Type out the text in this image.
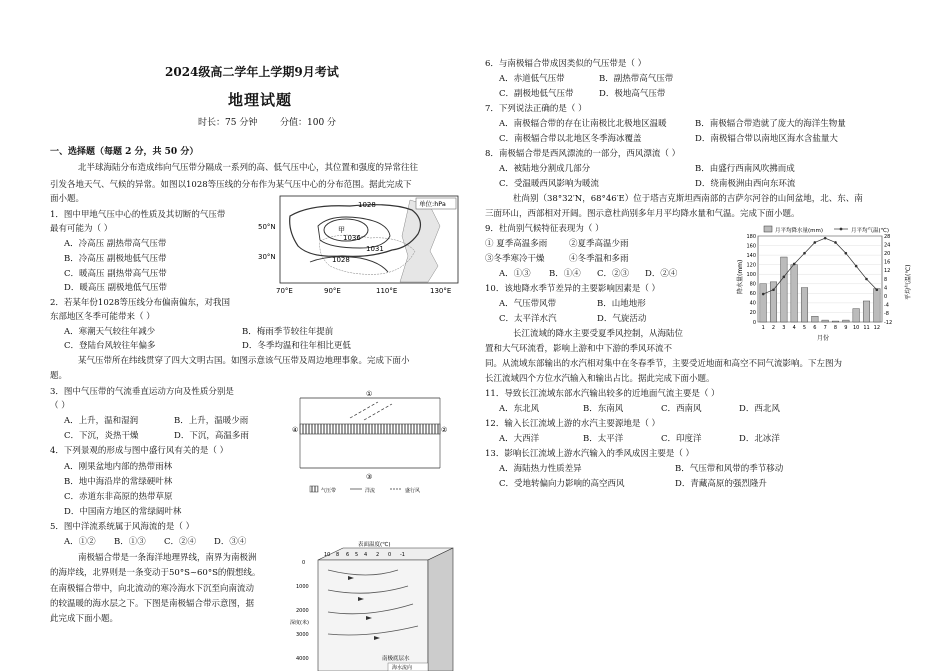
2024级高二学年上学期9月考试
地理试题
时长：75 分钟	分值：100 分
一、选择题（每题 2 分，共 50 分）
北半球海陆分布造成纬向气压带分隔成一系列的高、低气压中心，其位置和强度的异常往往
引发各地天气、气候的异常。如图以1028等压线的分布作为某气压中心的分布范围。据此完成下
面小题。
1．图中甲地气压中心的性质及其切断的气压带
最有可能为（ ）
A．冷高压 副热带高气压带
B．冷高压 副极地低气压带
C．暖高压 副热带高气压带
D．暖高压 副极地低气压带
2．若某年份1028等压线分布偏南偏东，对我国
东部地区冬季可能带来（ ）
A．寒潮天气较往年减少	B．梅雨季节较往年提前
C．登陆台风较往年偏多	D．冬季均温和往年相比更低
某气压带所在纬线贯穿了四大文明古国。如图示意该气压带及周边地理事象。完成下面小
题。
3．图中气压带的气流垂直运动方向及性质分别是
（ ）
A．上升，温和湿润	B．上升，温暖少雨
C．下沉，炎热干燥	D．下沉，高温多雨
4．下列景观的形成与图中盛行风有关的是（ ）
A．刚果盆地内部的热带雨林
B．地中海沿岸的常绿硬叶林
C．赤道东非高原的热带草原
D．中国南方地区的常绿阔叶林
5．图中洋流系统属于风海流的是（ ）
A．①② B．①③ C．②④ D．③④
南极辐合带是一条海洋地理界线，南界为南极洲
的海岸线，北界则是一条变动于50°S~60°S的假想线。
在南极辐合带中，向北流动的寒冷海水下沉至向南流动
的较温暖的海水层之下。下图是南极辐合带示意图，据
此完成下面小题。
1028
甲
1036
1031
1028
单位:hPa
50°N
30°N
70°E	90°E	110°E	130°E
①
④	②
③
气压带	洋流	盛行风
表面温度(℃)
10 8 6 5 4 2 0 -1
0
1000
2000
3000
4000
深度(米)
南极底层水
海水流向
6．与南极辐合带成因类似的气压带是（ ）
A．赤道低气压带	B．副热带高气压带
C．副极地低气压带	D．极地高气压带
7．下列说法正确的是（ ）
A．南极辐合带的存在让南极比北极地区温暖	B．南极辐合带造就了庞大的海洋生物量
C．南极辐合带以北地区冬季海冰覆盖	D．南极辐合带以南地区海水含盐量大
8．南极辐合带是西风漂流的一部分，西风漂流（ ）
A．被陆地分割成几部分	B．由盛行西南风吹拂而成
C．受温暖西风影响为暖流	D．绕南极洲由西向东环流
杜尚别（38°32′N，68°46′E）位于塔吉克斯坦西南部的吉萨尔河谷的山间盆地，北、东、南
三面环山，西部相对开阔。图示意杜尚别多年月平均降水量和气温。完成下面小题。
9．杜尚别气候特征表现为（ ）
① 夏季高温多雨	②夏季高温少雨
③冬季寒冷干燥	④冬季温和多雨
A．①③ B．①④ C．②③ D．②④
10．该地降水季节差异的主要影响因素是（ ）
A．气压带风带	B．山地地形
C．太平洋水汽	D．气旋活动
长江流域的降水主要受夏季风控制，从海陆位
置和大气环流看，影响上游和中下游的季风环流不
同。从流域东部输出的水汽相对集中在冬春季节，主要受近地面和高空不同气流影响。下左图为
长江流域四个方位水汽输入和输出占比。据此完成下面小题。
11．导致长江流域东部水汽输出较多的近地面气流主要是（ ）
A．东北风	B．东南风	C．西南风	D．西北风
12．输入长江流域上游的水汽主要源地是（ ）
A．大西洋	B．太平洋	C．印度洋	D．北冰洋
13．影响长江流域上游水汽输入的季风成因主要是（ ）
A．海陆热力性质差异	B．气压带和风带的季节移动
C．受地转偏向力影响的高空西风	D．青藏高原的强烈隆升
月平均降水量(mm)	月平均气温(℃)
降水量(mm)	平均气温(℃)
月份
0
20
40
60
80
100
120
140
160
180
-12
-8
-4
0
4
8
12
16
20
24
28
1 2 3 4 5 6 7 8 9 10 11 12
